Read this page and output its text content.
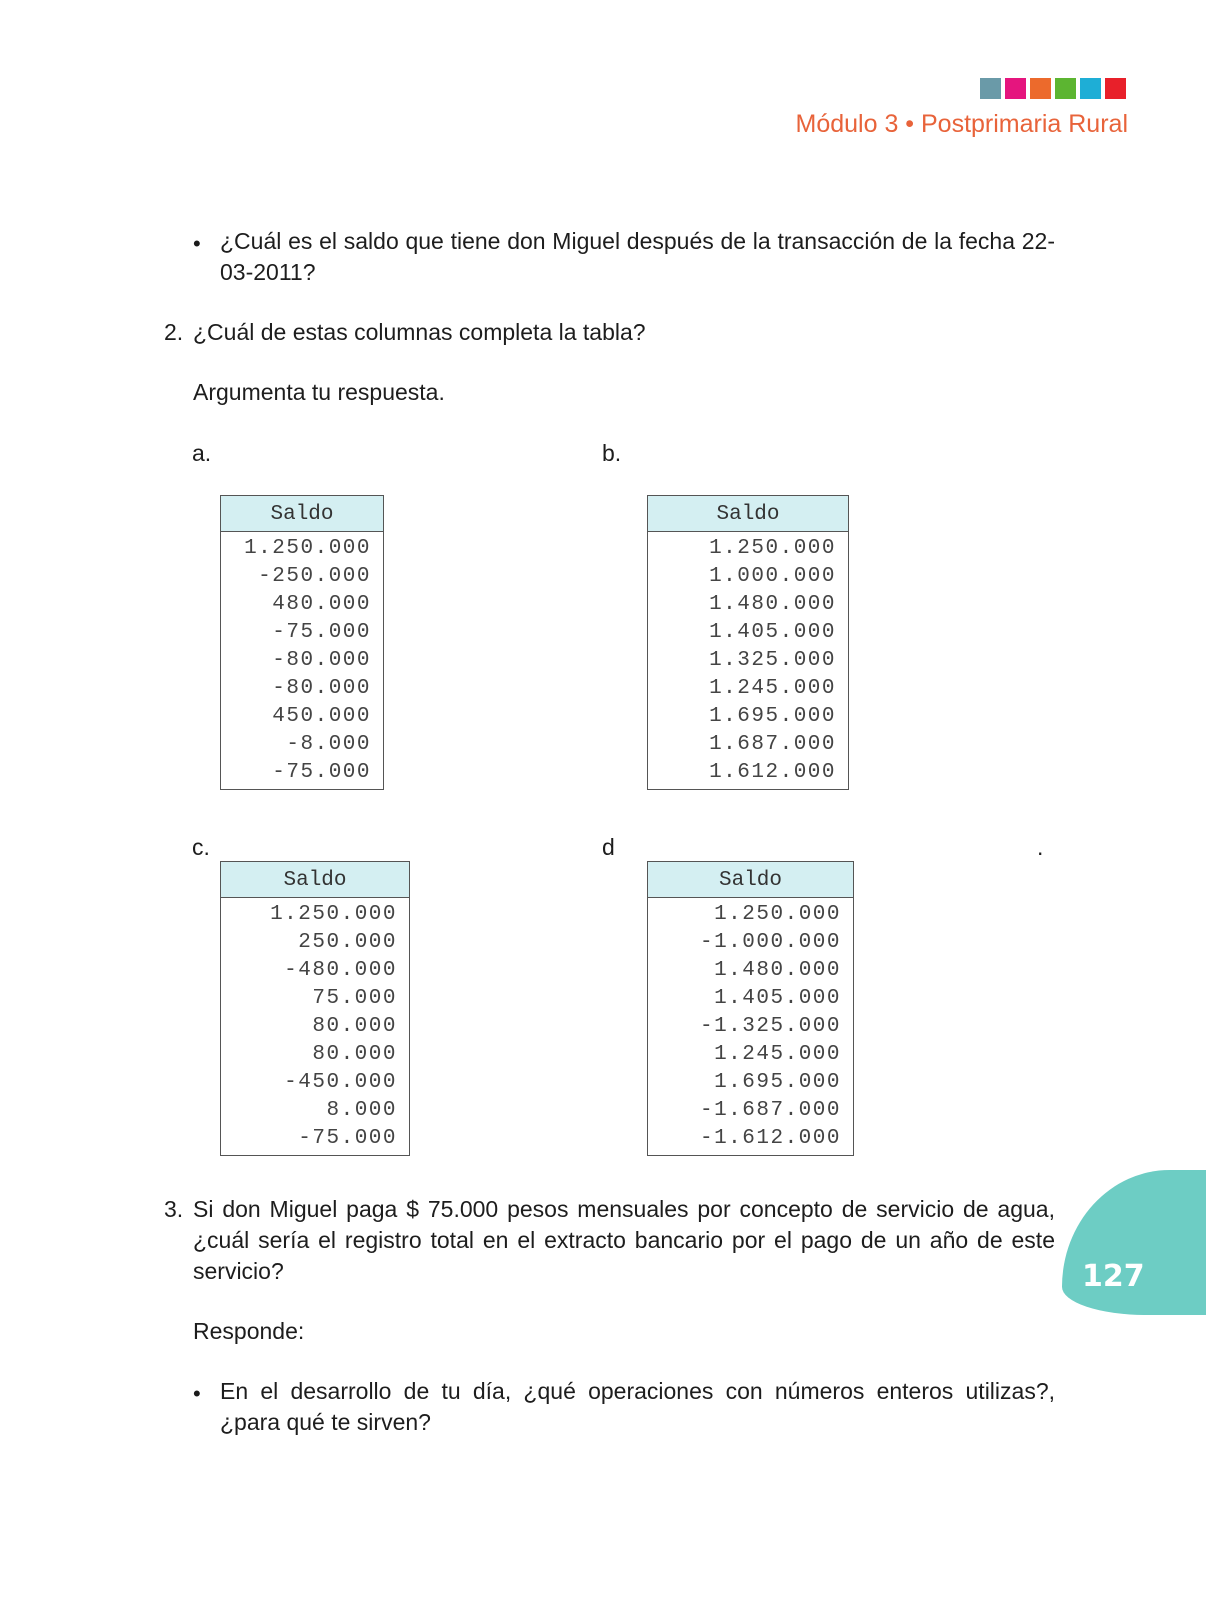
Módulo 3 • Postprimaria Rural
• ¿Cuál es el saldo que tiene don Miguel después de la transacción de la fecha 22-03-2011?
2. ¿Cuál de estas columnas completa la tabla?
Argumenta tu respuesta.
a.	b.
c.	d	.
Saldo
1.250.000
-250.000
480.000
-75.000
-80.000
-80.000
450.000
-8.000
-75.000
Saldo
1.250.000
1.000.000
1.480.000
1.405.000
1.325.000
1.245.000
1.695.000
1.687.000
1.612.000
Saldo
1.250.000
250.000
-480.000
75.000
80.000
80.000
-450.000
8.000
-75.000
Saldo
1.250.000
-1.000.000
1.480.000
1.405.000
-1.325.000
1.245.000
1.695.000
-1.687.000
-1.612.000
3. Si don Miguel paga $ 75.000 pesos mensuales por concepto de servicio de agua, ¿cuál sería el registro total en el extracto bancario por el pago de un año de este servicio?
Responde:
• En el desarrollo de tu día, ¿qué operaciones con números enteros utilizas?, ¿para qué te sirven?
127
